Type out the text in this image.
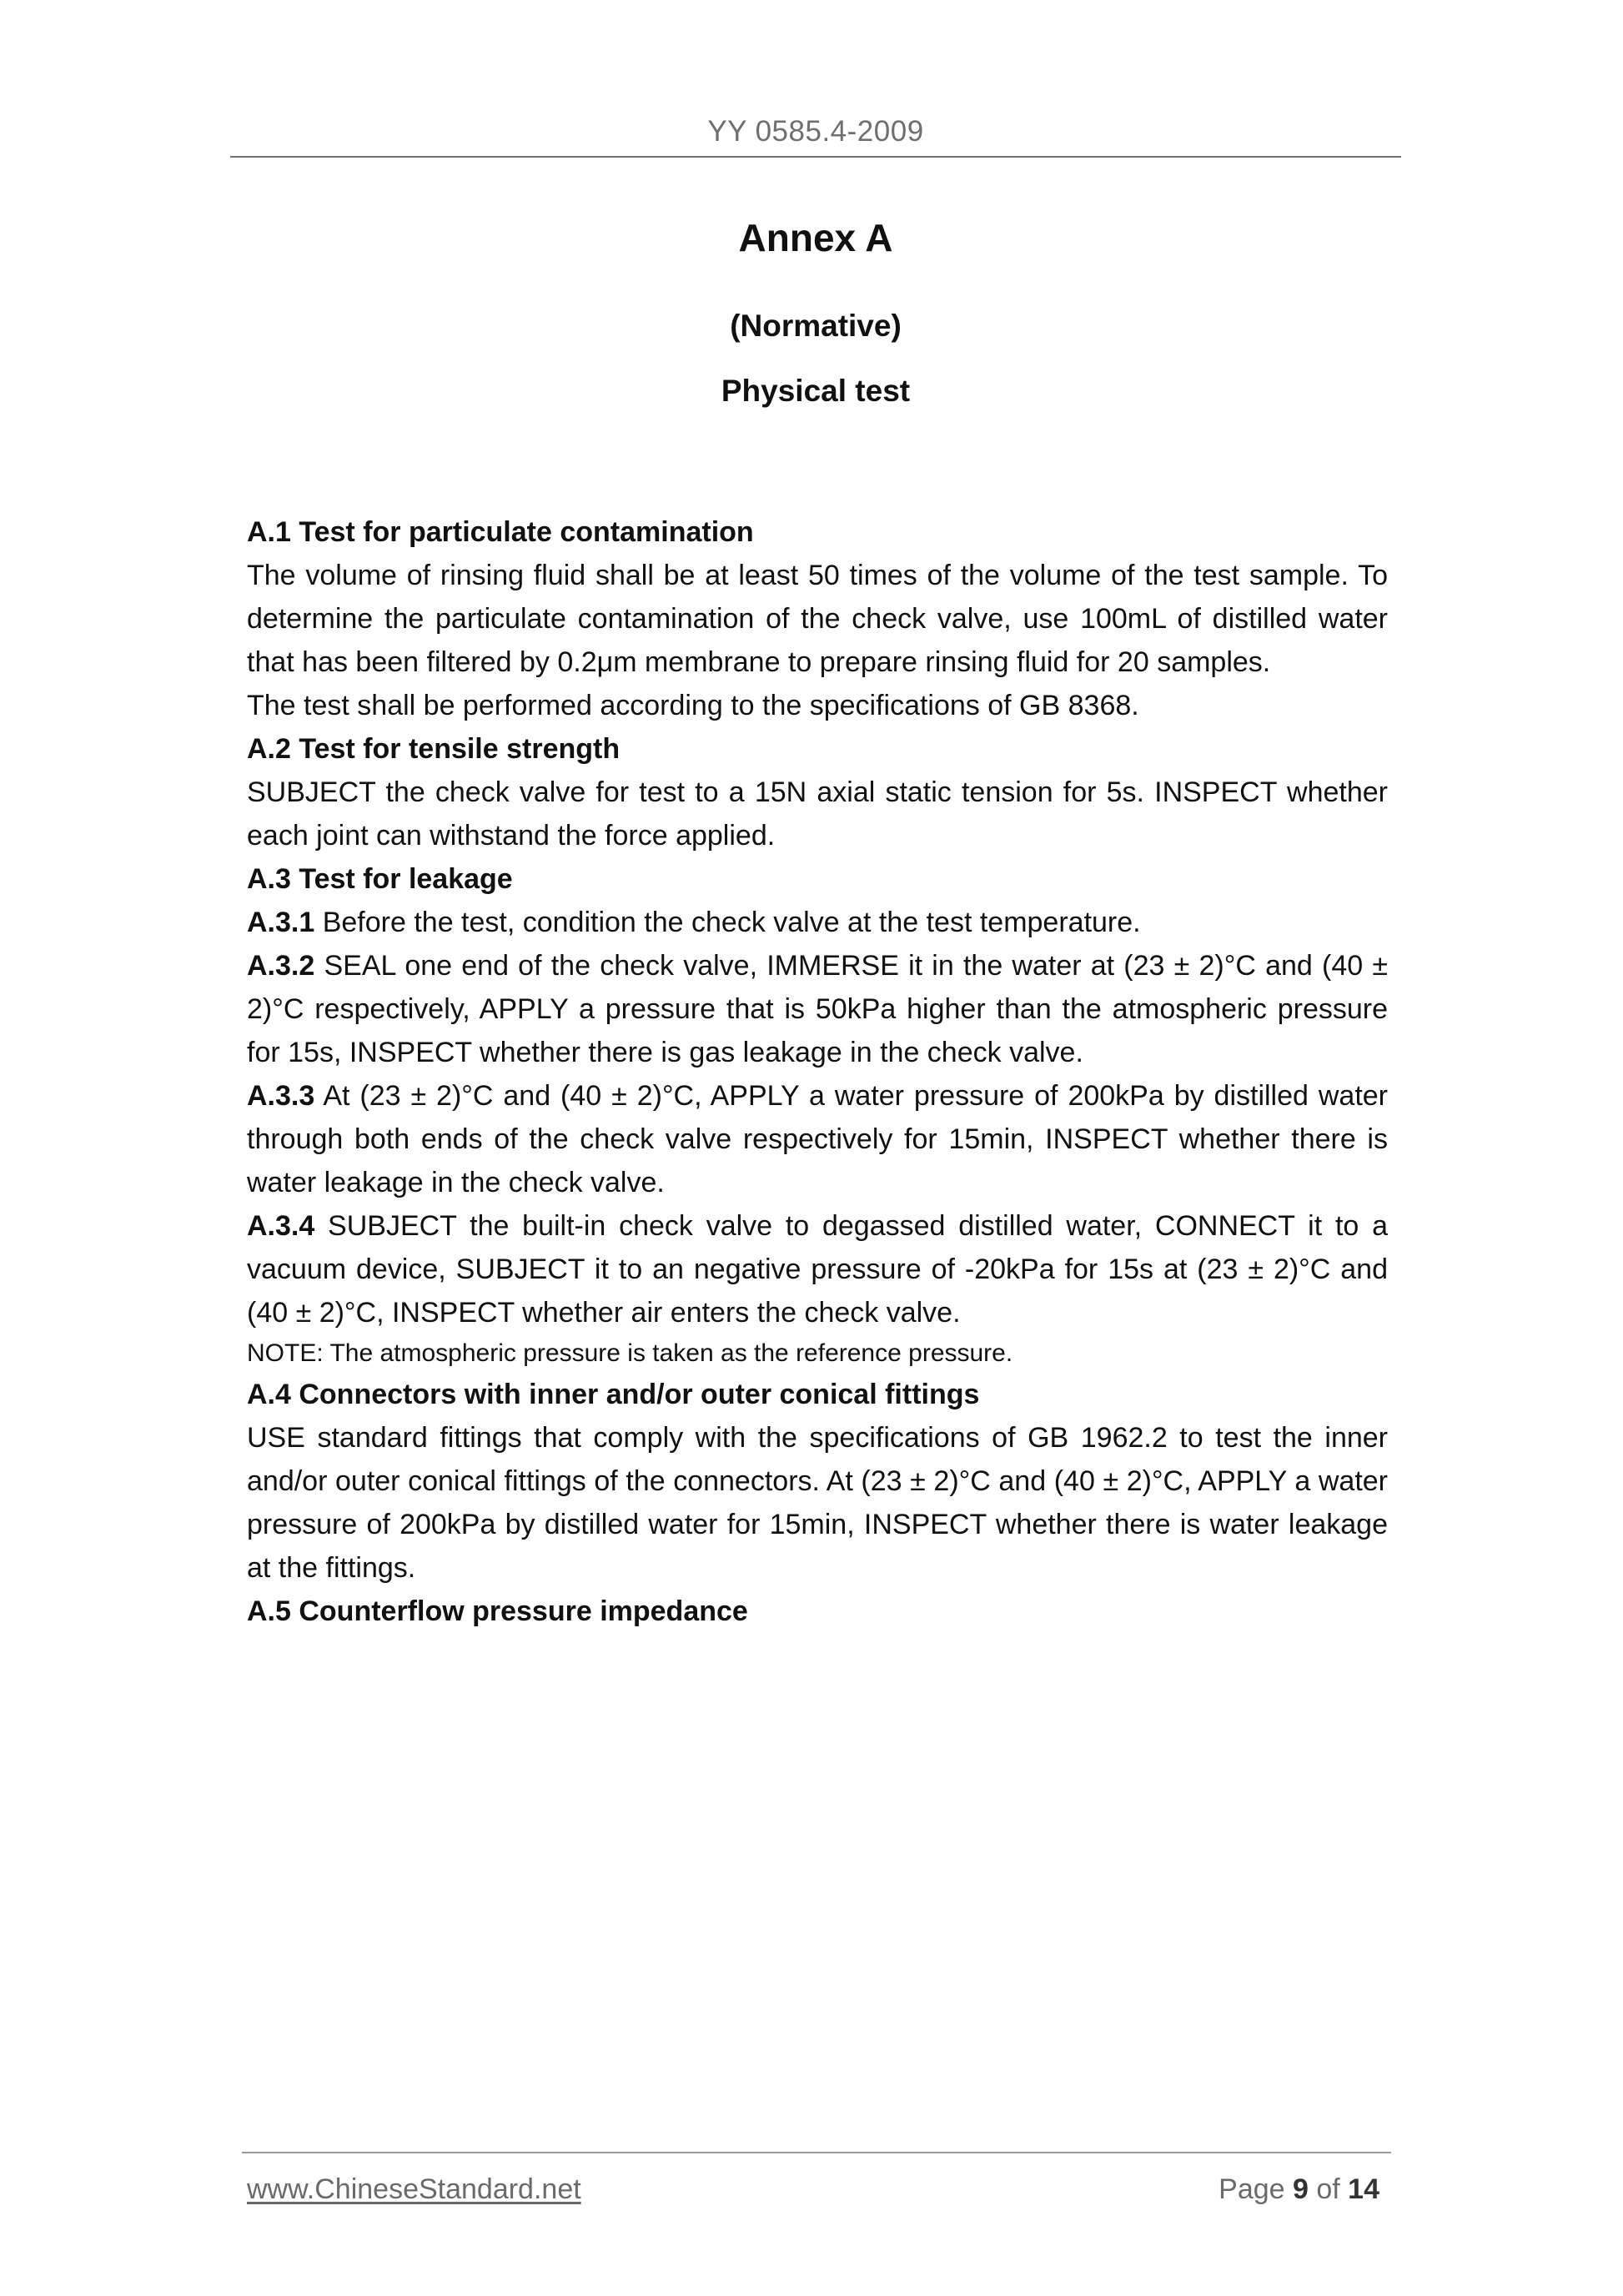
YY 0585.4-2009
Annex A
(Normative)
Physical test
A.1 Test for particulate contamination

The volume of rinsing fluid shall be at least 50 times of the volume of the test sample. To determine the particulate contamination of the check valve, use 100mL of distilled water that has been filtered by 0.2μm membrane to prepare rinsing fluid for 20 samples.

The test shall be performed according to the specifications of GB 8368.

A.2 Test for tensile strength

SUBJECT the check valve for test to a 15N axial static tension for 5s. INSPECT whether each joint can withstand the force applied.

A.3 Test for leakage

A.3.1 Before the test, condition the check valve at the test temperature.

A.3.2 SEAL one end of the check valve, IMMERSE it in the water at (23 ± 2)°C and (40 ± 2)°C respectively, APPLY a pressure that is 50kPa higher than the atmospheric pressure for 15s, INSPECT whether there is gas leakage in the check valve.

A.3.3 At (23 ± 2)°C and (40 ± 2)°C, APPLY a water pressure of 200kPa by distilled water through both ends of the check valve respectively for 15min, INSPECT whether there is water leakage in the check valve.

A.3.4 SUBJECT the built-in check valve to degassed distilled water, CONNECT it to a vacuum device, SUBJECT it to an negative pressure of -20kPa for 15s at (23 ± 2)°C and (40 ± 2)°C, INSPECT whether air enters the check valve.

NOTE: The atmospheric pressure is taken as the reference pressure.

A.4 Connectors with inner and/or outer conical fittings

USE standard fittings that comply with the specifications of GB 1962.2 to test the inner and/or outer conical fittings of the connectors. At (23 ± 2)°C and (40 ± 2)°C, APPLY a water pressure of 200kPa by distilled water for 15min, INSPECT whether there is water leakage at the fittings.

A.5 Counterflow pressure impedance
www.ChineseStandard.net	Page 9 of 14
